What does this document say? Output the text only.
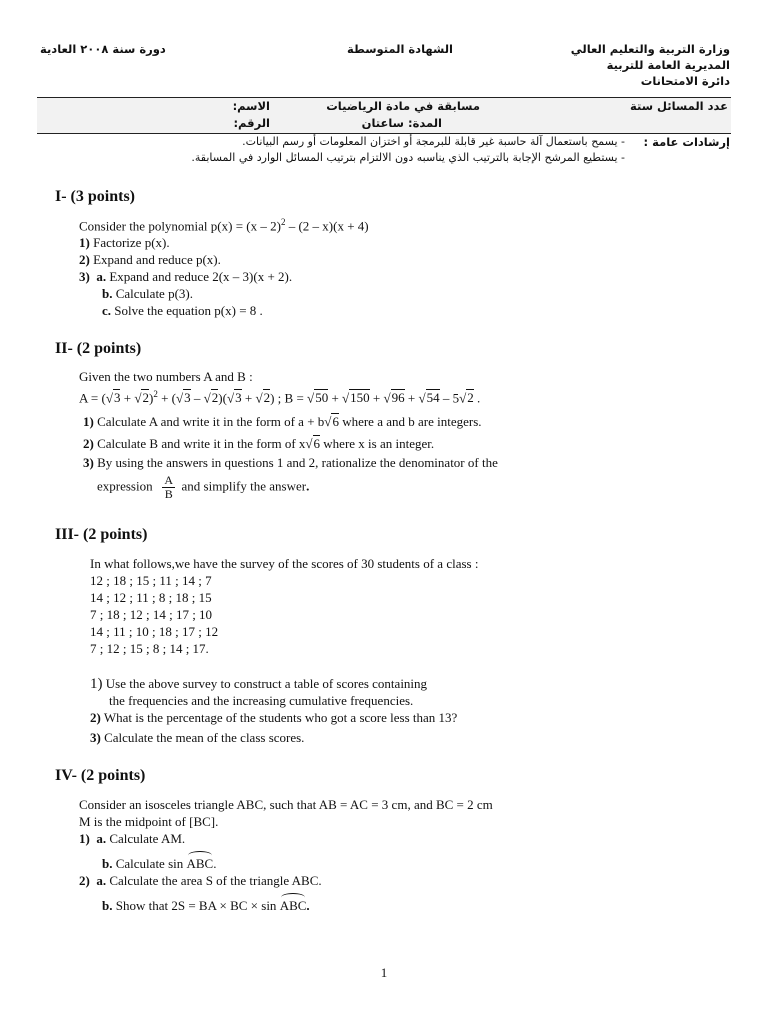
وزارة التربية والتعليم العالي
المديرية العامة للتربية
دائرة الامتحانات
الشهادة المتوسطة
دورة سنة ٢٠٠٨ العادية
عدد المسائل ستة
مسابقة في مادة الرياضيات
المدة: ساعتان
الاسم:
الرقم:
إرشادات عامة :
- يسمح باستعمال آلة حاسبة غير قابلة للبرمجة أو اختزان المعلومات أو رسم البيانات.
- يستطيع المرشح الإجابة بالترتيب الذي يناسبه دون الالتزام بترتيب المسائل الوارد في المسابقة.
I- (3 points)
Consider the polynomial p(x) = (x – 2)$^2$ – (2 – x)(x + 4)
1) Factorize p(x).
2) Expand and reduce p(x).
3) a. Expand and reduce 2(x – 3)(x + 2).
b. Calculate p(3).
c. Solve the equation p(x) = 8 .
II- (2 points)
Given the two numbers A and B :
$A = (√3 + √2)^2 + (√3 - √2)(√3 + √2)$ ; B = √50 + √150 + √96 + √54 – 5√2 .
1) Calculate A and write it in the form of a + b√6 where a and b are integers.
2) Calculate B and write it in the form of x√6 where x is an integer.
3) By using the answers in questions 1 and 2, rationalize the denominator of the
expression $\frac{A}{B}$ and simplify the answer.
III- (2 points)
In what follows,we have the survey of the scores of 30 students of a class :
12 ; 18 ; 15 ; 11 ; 14 ; 7
14 ; 12 ; 11 ; 8 ; 18 ; 15
7 ; 18 ; 12 ; 14 ; 17 ; 10
14 ; 11 ; 10 ; 18 ; 17 ; 12
7 ; 12 ; 15 ; 8 ; 14 ; 17.
1) Use the above survey to construct a table of scores containing
the frequencies and the increasing cumulative frequencies.
2) What is the percentage of the students who got a score less than 13?
3) Calculate the mean of the class scores.
IV- (2 points)
Consider an isosceles triangle ABC, such that AB = AC = 3 cm, and BC = 2 cm
M is the midpoint of [BC].
1) a. Calculate AM.
b. Calculate sin ABC.
2) a. Calculate the area S of the triangle ABC.
b. Show that 2S = BA × BC × sin ABC.
1
